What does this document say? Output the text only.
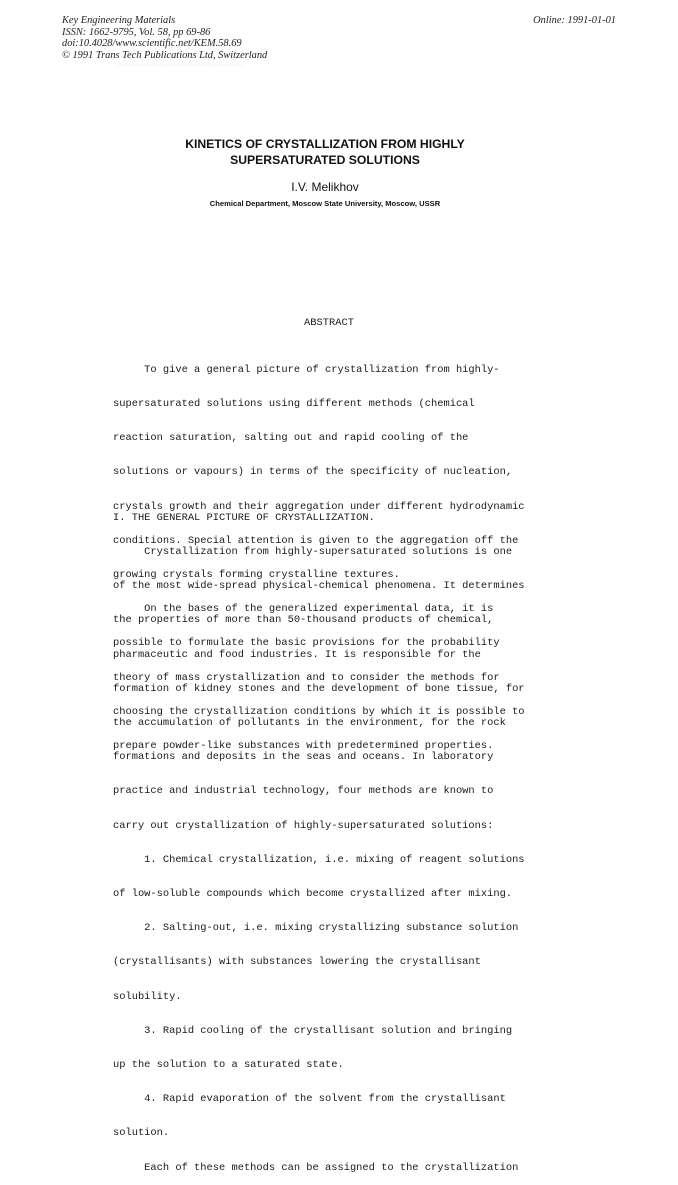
Key Engineering Materials
ISSN: 1662-9795, Vol. 58, pp 69-86
doi:10.4028/www.scientific.net/KEM.58.69
© 1991 Trans Tech Publications Ltd, Switzerland
Online: 1991-01-01
: : : : : : : : : : : : : : : : : : : : : : : : : : : : : : : : : : : : : : : : : : : : :
KINETICS OF CRYSTALLIZATION FROM HIGHLY
SUPERSATURATED SOLUTIONS
I.V. Melikhov
Chemical Department, Moscow State University, Moscow, USSR
ABSTRACT

To give a general picture of crystallization from highly-

supersaturated solutions using different methods (chemical

reaction saturation, salting out and rapid cooling of the

solutions or vapours) in terms of the specificity of nucleation,

crystals growth and their aggregation under different hydrodynamic

conditions. Special attention is given to the aggregation off the

growing crystals forming crystalline textures.

On the bases of the generalized experimental data, it is

possible to formulate the basic provisions for the probability

theory of mass crystallization and to consider the methods for

choosing the crystallization conditions by which it is possible to

prepare powder-like substances with predetermined properties.

I. THE GENERAL PICTURE OF CRYSTALLIZATION.

Crystallization from highly-supersaturated solutions is one

of the most wide-spread physical-chemical phenomena. It determines

the properties of more than 50-thousand products of chemical,

pharmaceutic and food industries. It is responsible for the

formation of kidney stones and the development of bone tissue, for

the accumulation of pollutants in the environment, for the rock

formations and deposits in the seas and oceans. In laboratory

practice and industrial technology, four methods are known to

carry out crystallization of highly-supersaturated solutions:

1. Chemical crystallization, i.e. mixing of reagent solutions

of low-soluble compounds which become crystallized after mixing.

2. Salting-out, i.e. mixing crystallizing substance solution

(crystallisants) with substances lowering the crystallisant

solubility.

3. Rapid cooling of the crystallisant solution and bringing

up the solution to a saturated state.

4. Rapid evaporation of the solvent from the crystallisant

solution.

Each of these methods can be assigned to the crystallization
